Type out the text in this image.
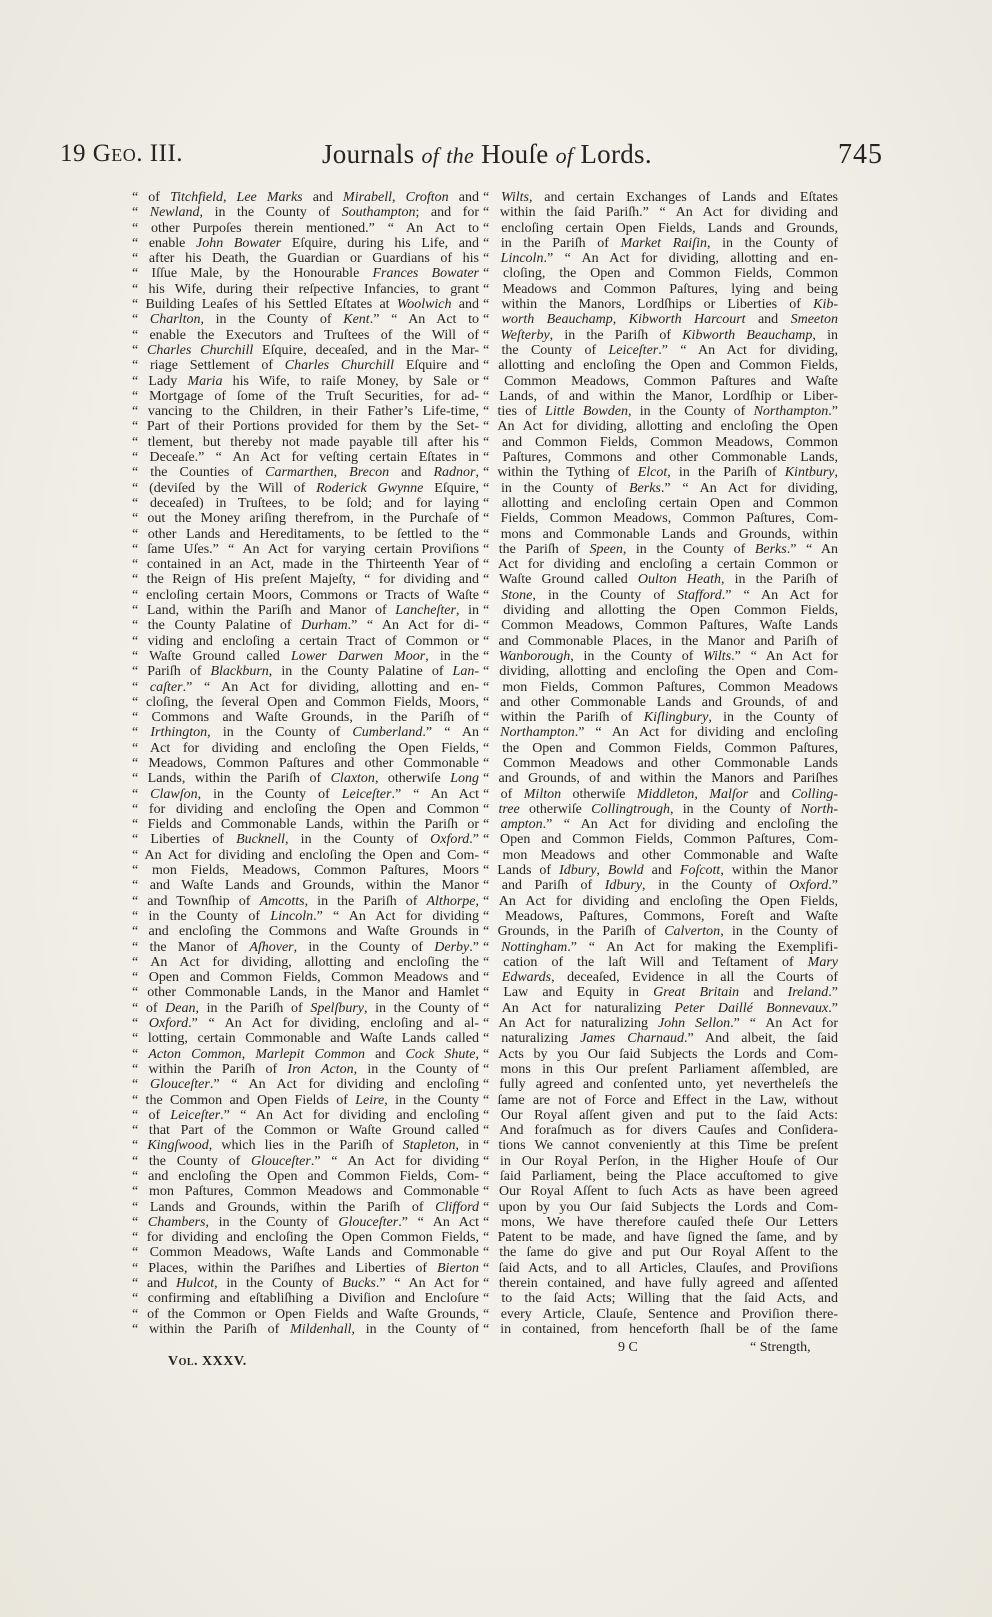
19 Geo. III.	Journals of the Houſe of Lords.	745
“ of Titchfield, Lee Marks and Mirabell, Crofton and
“ Newland, in the County of Southampton; and for
“ other Purpoſes therein mentioned.” “ An Act to
“ enable John Bowater Eſquire, during his Life, and
“ after his Death, the Guardian or Guardians of his
“ Iſſue Male, by the Honourable Frances Bowater
“ his Wife, during their reſpective Infancies, to grant
“ Building Leaſes of his Settled Eſtates at Woolwich and
“ Charlton, in the County of Kent.” “ An Act to
“ enable the Executors and Truſtees of the Will of
“ Charles Churchill Eſquire, deceaſed, and in the Mar-
“ riage Settlement of Charles Churchill Eſquire and
“ Lady Maria his Wife, to raiſe Money, by Sale or
“ Mortgage of ſome of the Truſt Securities, for ad-
“ vancing to the Children, in their Father’s Life-time,
“ Part of their Portions provided for them by the Set-
“ tlement, but thereby not made payable till after his
“ Deceaſe.” “ An Act for veſting certain Eſtates in
“ the Counties of Carmarthen, Brecon and Radnor,
“ (deviſed by the Will of Roderick Gwynne Eſquire,
“ deceaſed) in Truſtees, to be ſold; and for laying
“ out the Money ariſing therefrom, in the Purchaſe of
“ other Lands and Hereditaments, to be ſettled to the
“ ſame Uſes.” “ An Act for varying certain Proviſions
“ contained in an Act, made in the Thirteenth Year of
“ the Reign of His preſent Majeſty, “ for dividing and
“ encloſing certain Moors, Commons or Tracts of Waſte
“ Land, within the Pariſh and Manor of Lancheſter, in
“ the County Palatine of Durham.” “ An Act for di-
“ viding and encloſing a certain Tract of Common or
“ Waſte Ground called Lower Darwen Moor, in the
“ Pariſh of Blackburn, in the County Palatine of Lan-
“ caſter.” “ An Act for dividing, allotting and en-
“ cloſing, the ſeveral Open and Common Fields, Moors,
“ Commons and Waſte Grounds, in the Pariſh of
“ Irthington, in the County of Cumberland.” “ An
“ Act for dividing and encloſing the Open Fields,
“ Meadows, Common Paſtures and other Commonable
“ Lands, within the Pariſh of Claxton, otherwiſe Long
“ Clawſon, in the County of Leiceſter.” “ An Act
“ for dividing and encloſing the Open and Common
“ Fields and Commonable Lands, within the Pariſh or
“ Liberties of Bucknell, in the County of Oxford.”
“ An Act for dividing and encloſing the Open and Com-
“ mon Fields, Meadows, Common Paſtures, Moors
“ and Waſte Lands and Grounds, within the Manor
“ and Townſhip of Amcotts, in the Pariſh of Althorpe,
“ in the County of Lincoln.” “ An Act for dividing
“ and encloſing the Commons and Waſte Grounds in
“ the Manor of Aſhover, in the County of Derby.”
“ An Act for dividing, allotting and encloſing the
“ Open and Common Fields, Common Meadows and
“ other Commonable Lands, in the Manor and Hamlet
“ of Dean, in the Pariſh of Spelſbury, in the County of
“ Oxford.” “ An Act for dividing, encloſing and al-
“ lotting, certain Commonable and Waſte Lands called
“ Acton Common, Marlepit Common and Cock Shute,
“ within the Pariſh of Iron Acton, in the County of
“ Glouceſter.” “ An Act for dividing and encloſing
“ the Common and Open Fields of Leire, in the County
“ of Leiceſter.” “ An Act for dividing and encloſing
“ that Part of the Common or Waſte Ground called
“ Kingſwood, which lies in the Pariſh of Stapleton, in
“ the County of Glouceſter.” “ An Act for dividing
“ and encloſing the Open and Common Fields, Com-
“ mon Paſtures, Common Meadows and Commonable
“ Lands and Grounds, within the Pariſh of Clifford
“ Chambers, in the County of Glouceſter.” “ An Act
“ for dividing and encloſing the Open Common Fields,
“ Common Meadows, Waſte Lands and Commonable
“ Places, within the Pariſhes and Liberties of Bierton
“ and Hulcot, in the County of Bucks.” “ An Act for
“ confirming and eſtabliſhing a Diviſion and Encloſure
“ of the Common or Open Fields and Waſte Grounds,
“ within the Pariſh of Mildenhall, in the County of
“ Wilts, and certain Exchanges of Lands and Eſtates
“ within the ſaid Pariſh.” “ An Act for dividing and
“ encloſing certain Open Fields, Lands and Grounds,
“ in the Pariſh of Market Raiſin, in the County of
“ Lincoln.” “ An Act for dividing, allotting and en-
“ cloſing, the Open and Common Fields, Common
“ Meadows and Common Paſtures, lying and being
“ within the Manors, Lordſhips or Liberties of Kib-
“ worth Beauchamp, Kibworth Harcourt and Smeeton
“ Weſterby, in the Pariſh of Kibworth Beauchamp, in
“ the County of Leiceſter.” “ An Act for dividing,
“ allotting and encloſing the Open and Common Fields,
“ Common Meadows, Common Paſtures and Waſte
“ Lands, of and within the Manor, Lordſhip or Liber-
“ ties of Little Bowden, in the County of Northampton.”
“ An Act for dividing, allotting and encloſing the Open
“ and Common Fields, Common Meadows, Common
“ Paſtures, Commons and other Commonable Lands,
“ within the Tything of Elcot, in the Pariſh of Kintbury,
“ in the County of Berks.” “ An Act for dividing,
“ allotting and encloſing certain Open and Common
“ Fields, Common Meadows, Common Paſtures, Com-
“ mons and Commonable Lands and Grounds, within
“ the Pariſh of Speen, in the County of Berks.” “ An
“ Act for dividing and encloſing a certain Common or
“ Waſte Ground called Oulton Heath, in the Pariſh of
“ Stone, in the County of Stafford.” “ An Act for
“ dividing and allotting the Open Common Fields,
“ Common Meadows, Common Paſtures, Waſte Lands
“ and Commonable Places, in the Manor and Pariſh of
“ Wanborough, in the County of Wilts.” “ An Act for
“ dividing, allotting and encloſing the Open and Com-
“ mon Fields, Common Paſtures, Common Meadows
“ and other Commonable Lands and Grounds, of and
“ within the Pariſh of Kiſlingbury, in the County of
“ Northampton.” “ An Act for dividing and encloſing
“ the Open and Common Fields, Common Paſtures,
“ Common Meadows and other Commonable Lands
“ and Grounds, of and within the Manors and Pariſhes
“ of Milton otherwiſe Middleton, Malſor and Colling-
“ tree otherwiſe Collingtrough, in the County of North-
“ ampton.” “ An Act for dividing and encloſing the
“ Open and Common Fields, Common Paſtures, Com-
“ mon Meadows and other Commonable and Waſte
“ Lands of Idbury, Bowld and Foſcott, within the Manor
“ and Pariſh of Idbury, in the County of Oxford.”
“ An Act for dividing and encloſing the Open Fields,
“ Meadows, Paſtures, Commons, Foreſt and Waſte
“ Grounds, in the Pariſh of Calverton, in the County of
“ Nottingham.” “ An Act for making the Exemplifi-
“ cation of the laſt Will and Teſtament of Mary
“ Edwards, deceaſed, Evidence in all the Courts of
“ Law and Equity in Great Britain and Ireland.”
“ An Act for naturalizing Peter Daillé Bonnevaux.”
“ An Act for naturalizing John Sellon.” “ An Act for
“ naturalizing James Charnaud.” And albeit, the ſaid
“ Acts by you Our ſaid Subjects the Lords and Com-
“ mons in this Our preſent Parliament aſſembled, are
“ fully agreed and conſented unto, yet nevertheleſs the
“ ſame are not of Force and Effect in the Law, without
“ Our Royal aſſent given and put to the ſaid Acts:
“ And foraſmuch as for divers Cauſes and Conſidera-
“ tions We cannot conveniently at this Time be preſent
“ in Our Royal Perſon, in the Higher Houſe of Our
“ ſaid Parliament, being the Place accuſtomed to give
“ Our Royal Aſſent to ſuch Acts as have been agreed
“ upon by you Our ſaid Subjects the Lords and Com-
“ mons, We have therefore cauſed theſe Our Letters
“ Patent to be made, and have ſigned the ſame, and by
“ the ſame do give and put Our Royal Aſſent to the
“ ſaid Acts, and to all Articles, Clauſes, and Proviſions
“ therein contained, and have fully agreed and aſſented
“ to the ſaid Acts; Willing that the ſaid Acts, and
“ every Article, Clauſe, Sentence and Proviſion there-
“ in contained, from henceforth ſhall be of the ſame
9 C	“ Strength,
Vol. XXXV.
